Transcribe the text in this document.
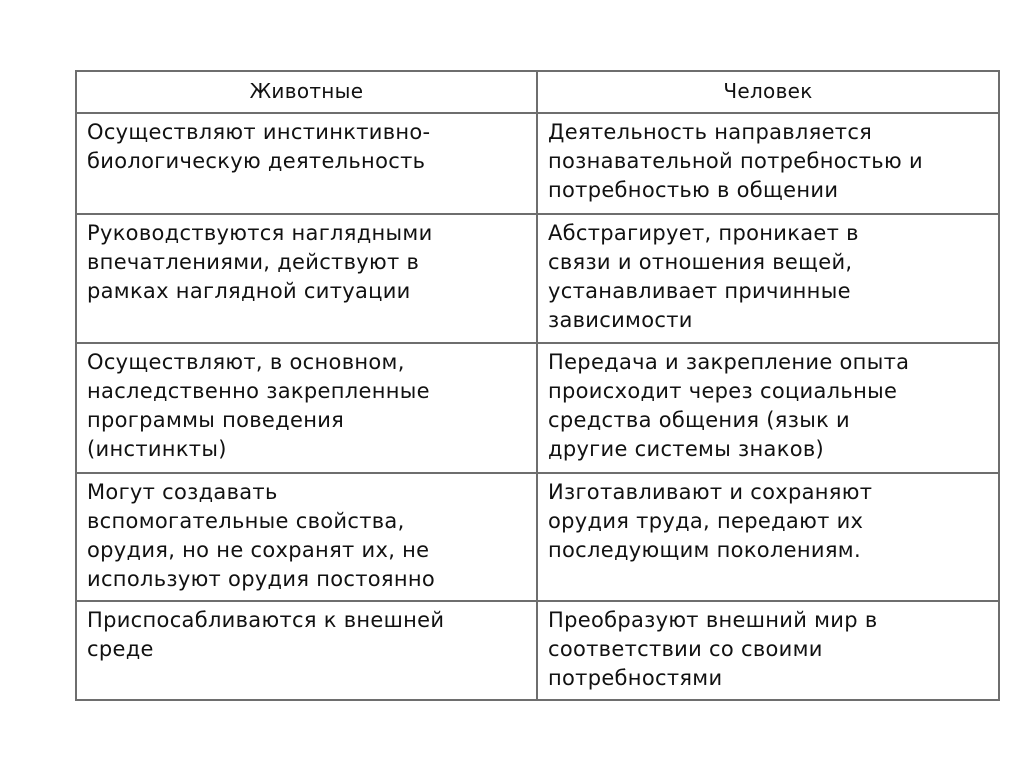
Животные	Человек

Осуществляют инстинктивно-
биологическую деятельность	Деятельность направляется
познавательной потребностью и
потребностью в общении

Руководствуются наглядными
впечатлениями, действуют в
рамках наглядной ситуации	Абстрагирует, проникает в
связи и отношения вещей,
устанавливает причинные
зависимости

Осуществляют, в основном,
наследственно закрепленные
программы поведения
(инстинкты)	Передача и закрепление опыта
происходит через социальные
средства общения (язык и
другие системы знаков)

Могут создавать
вспомогательные свойства,
орудия, но не сохранят их, не
используют орудия постоянно	Изготавливают и сохраняют
орудия труда, передают их
последующим поколениям.

Приспосабливаются к внешней
среде	Преобразуют внешний мир в
соответствии со своими
потребностями
